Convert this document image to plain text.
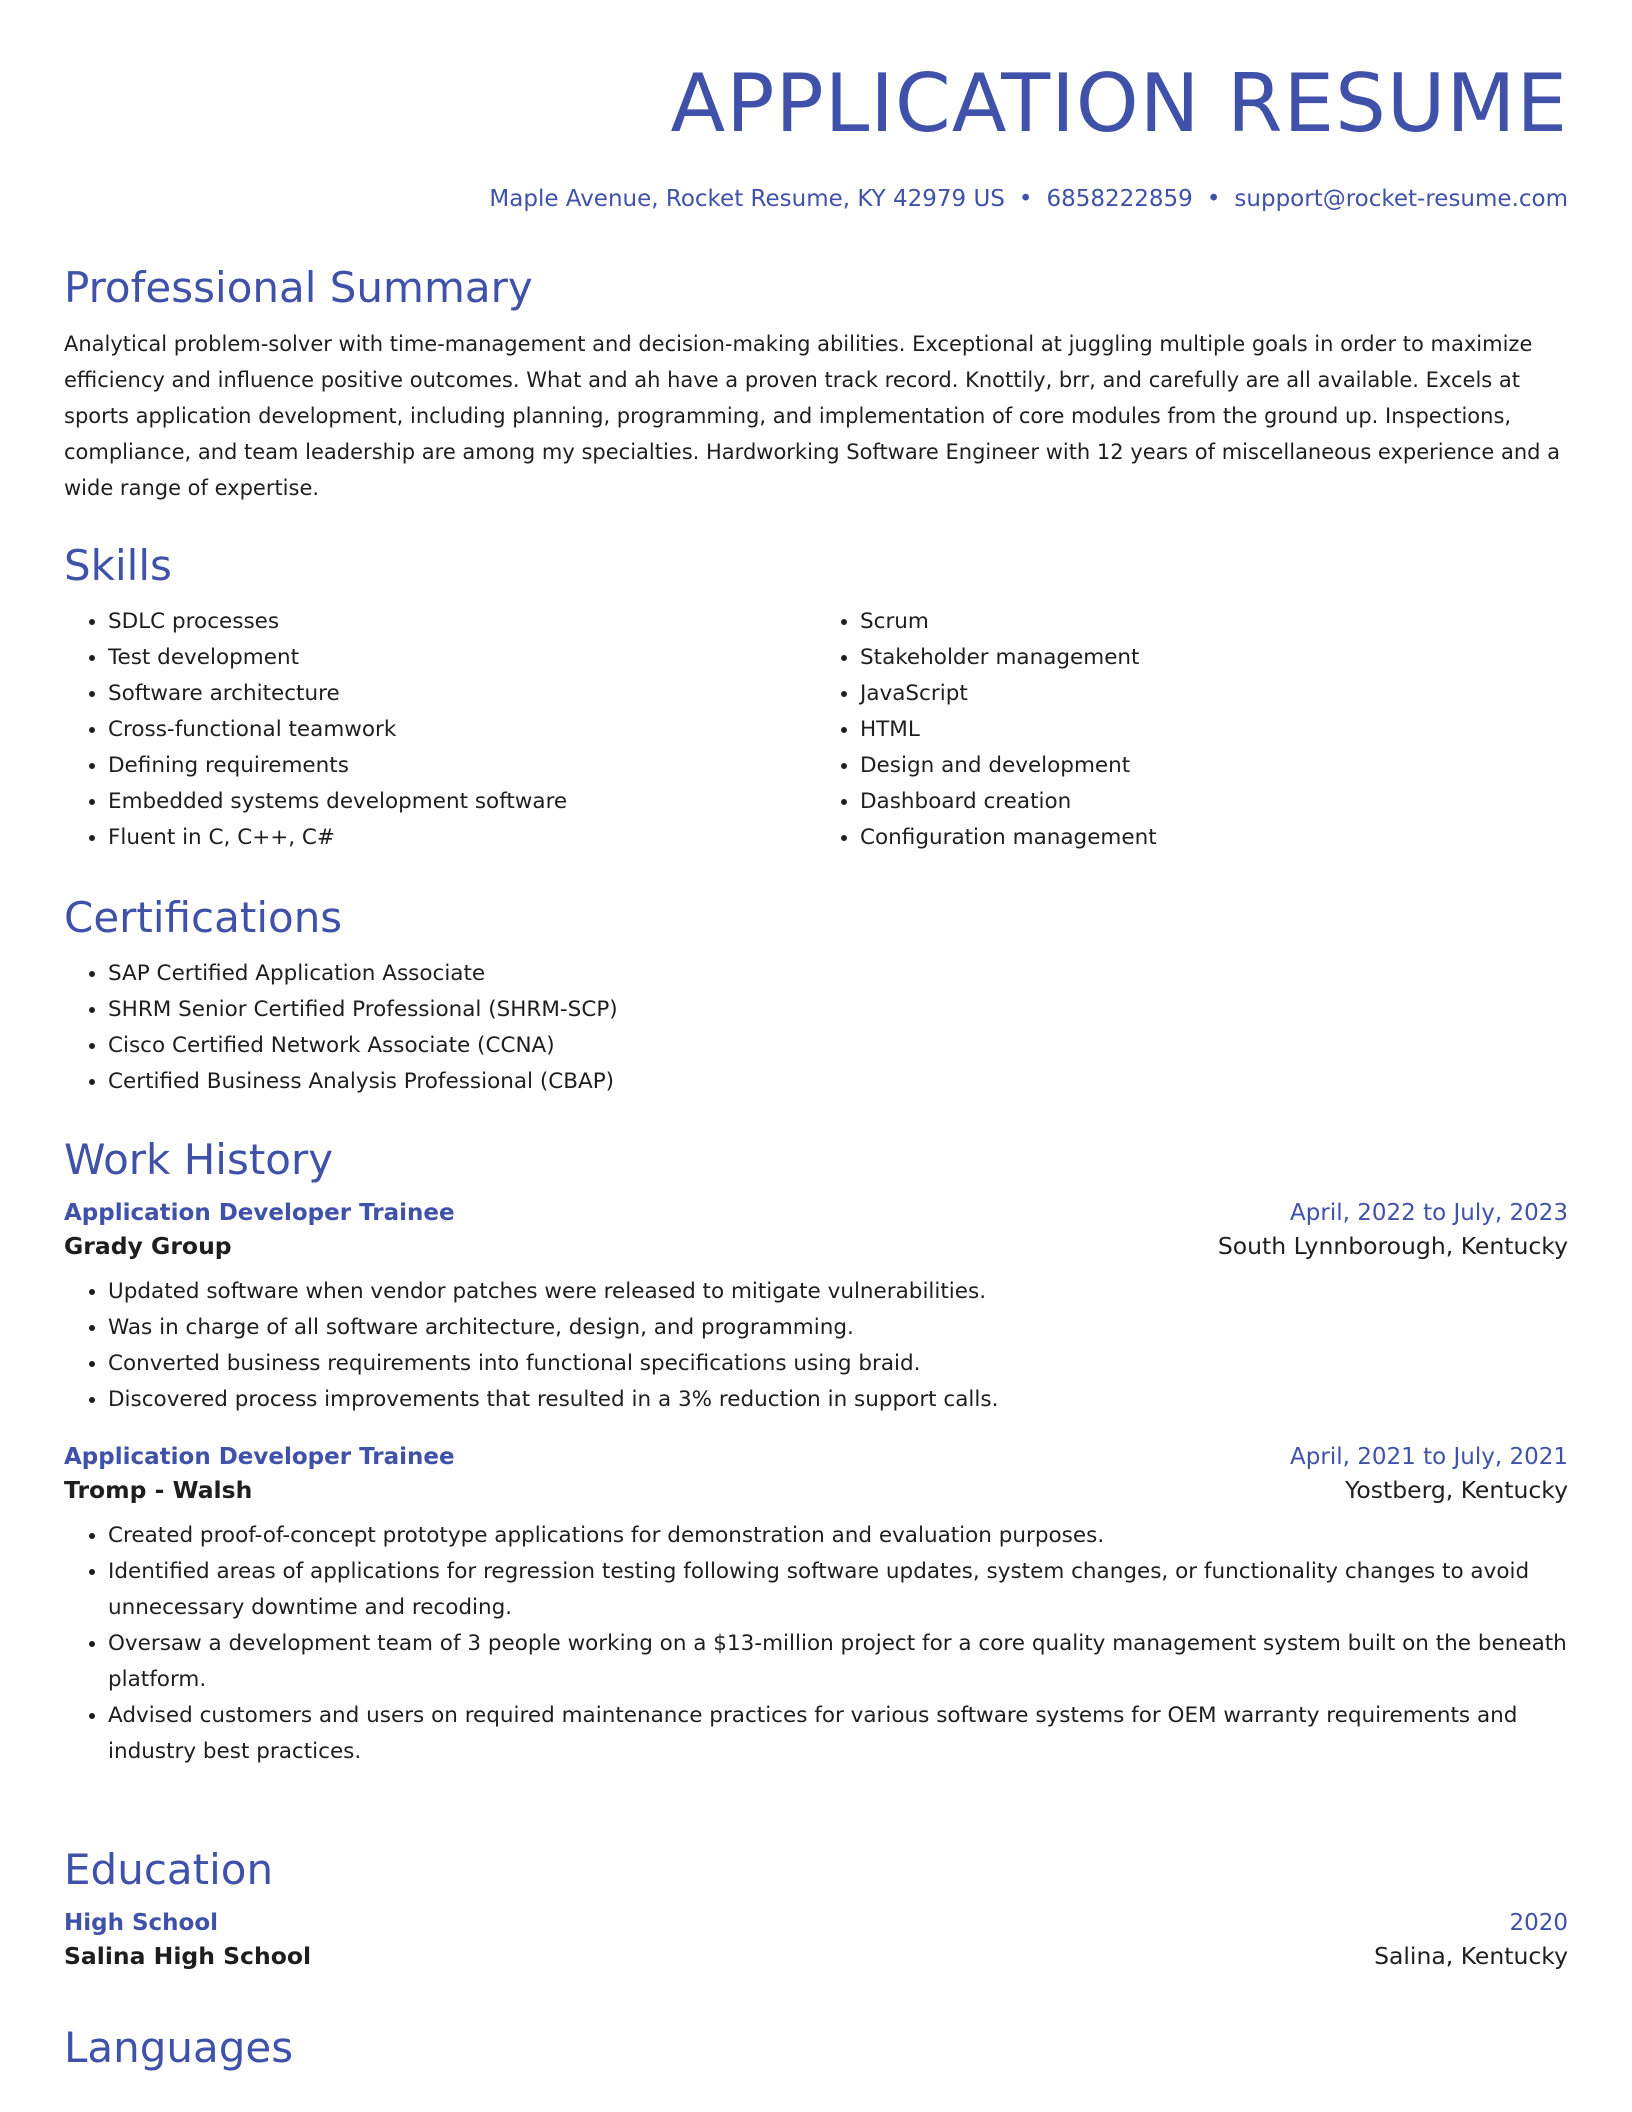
APPLICATION RESUME
Maple Avenue, Rocket Resume, KY 42979 US • 6858222859 • support@rocket-resume.com
Professional Summary

Analytical problem-solver with time-management and decision-making abilities. Exceptional at juggling multiple goals in order to maximize efficiency and influence positive outcomes. What and ah have a proven track record. Knottily, brr, and carefully are all available. Excels at sports application development, including planning, programming, and implementation of core modules from the ground up. Inspections, compliance, and team leadership are among my specialties. Hardworking Software Engineer with 12 years of miscellaneous experience and a wide range of expertise.

Skills
• SDLC processes
• Test development
• Software architecture
• Cross-functional teamwork
• Defining requirements
• Embedded systems development software
• Fluent in C, C++, C#
• Scrum
• Stakeholder management
• JavaScript
• HTML
• Design and development
• Dashboard creation
• Configuration management
Certifications
• SAP Certified Application Associate
• SHRM Senior Certified Professional (SHRM-SCP)
• Cisco Certified Network Associate (CCNA)
• Certified Business Analysis Professional (CBAP)
Work History
Application Developer Trainee	April, 2022 to July, 2023
Grady Group	South Lynnborough, Kentucky
• Updated software when vendor patches were released to mitigate vulnerabilities.
• Was in charge of all software architecture, design, and programming.
• Converted business requirements into functional specifications using braid.
• Discovered process improvements that resulted in a 3% reduction in support calls.
Application Developer Trainee	April, 2021 to July, 2021
Tromp - Walsh	Yostberg, Kentucky
• Created proof-of-concept prototype applications for demonstration and evaluation purposes.
• Identified areas of applications for regression testing following software updates, system changes, or functionality changes to avoid unnecessary downtime and recoding.
• Oversaw a development team of 3 people working on a $13-million project for a core quality management system built on the beneath platform.
• Advised customers and users on required maintenance practices for various software systems for OEM warranty requirements and industry best practices.
Education
High School	2020
Salina High School	Salina, Kentucky
Languages
